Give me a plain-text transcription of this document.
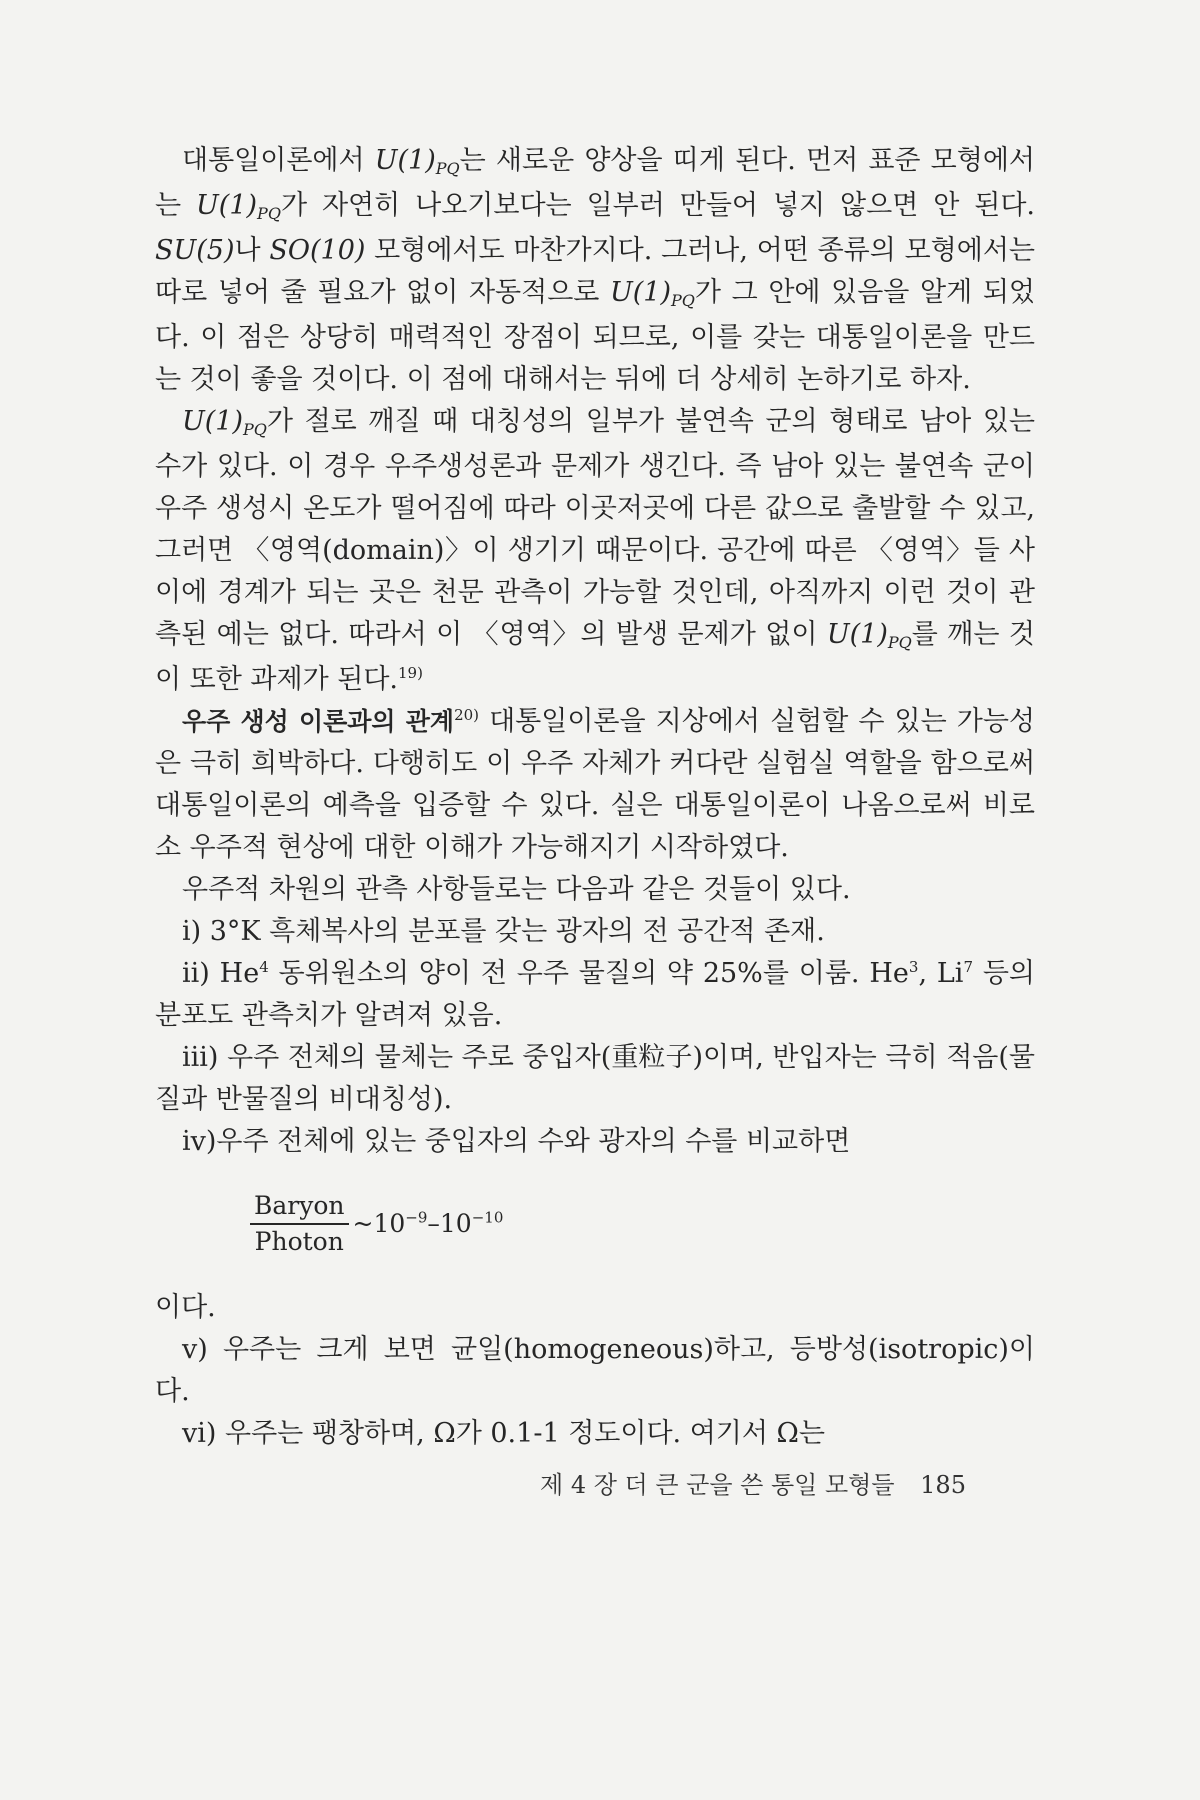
대통일이론에서 U(1)PQ는 새로운 양상을 띠게 된다. 먼저 표준 모형에서는 U(1)PQ가 자연히 나오기보다는 일부러 만들어 넣지 않으면 안 된다. SU(5)나 SO(10) 모형에서도 마찬가지다. 그러나, 어떤 종류의 모형에서는 따로 넣어 줄 필요가 없이 자동적으로 U(1)PQ가 그 안에 있음을 알게 되었다. 이 점은 상당히 매력적인 장점이 되므로, 이를 갖는 대통일이론을 만드는 것이 좋을 것이다. 이 점에 대해서는 뒤에 더 상세히 논하기로 하자.

U(1)PQ가 절로 깨질 때 대칭성의 일부가 불연속 군의 형태로 남아 있는 수가 있다. 이 경우 우주생성론과 문제가 생긴다. 즉 남아 있는 불연속 군이 우주 생성시 온도가 떨어짐에 따라 이곳저곳에 다른 값으로 출발할 수 있고, 그러면 〈영역(domain)〉이 생기기 때문이다. 공간에 따른 〈영역〉들 사이에 경계가 되는 곳은 천문 관측이 가능할 것인데, 아직까지 이런 것이 관측된 예는 없다. 따라서 이 〈영역〉의 발생 문제가 없이 U(1)PQ를 깨는 것이 또한 과제가 된다.$^{19)}$

우주 생성 이론과의 관계$^{20)}$ 대통일이론을 지상에서 실험할 수 있는 가능성은 극히 희박하다. 다행히도 이 우주 자체가 커다란 실험실 역할을 함으로써 대통일이론의 예측을 입증할 수 있다. 실은 대통일이론이 나옴으로써 비로소 우주적 현상에 대한 이해가 가능해지기 시작하였다.

우주적 차원의 관측 사항들로는 다음과 같은 것들이 있다.

i) 3°K 흑체복사의 분포를 갖는 광자의 전 공간적 존재.

ii) He$^4$ 동위원소의 양이 전 우주 물질의 약 25%를 이룸. He$^3$, Li$^7$ 등의 분포도 관측치가 알려져 있음.

iii) 우주 전체의 물체는 주로 중입자(重粒子)이며, 반입자는 극히 적음(물질과 반물질의 비대칭성).

iv)우주 전체에 있는 중입자의 수와 광자의 수를 비교하면

$\frac{\text{Baryon}}{\text{Photon}}$ $\sim 10^{-9}-10^{-10}$

이다.

v) 우주는 크게 보면 균일(homogeneous)하고, 등방성(isotropic)이다.

vi) 우주는 팽창하며, Ω가 0.1-1 정도이다. 여기서 Ω는

제 4 장 더 큰 군을 쓴 통일 모형들 185
